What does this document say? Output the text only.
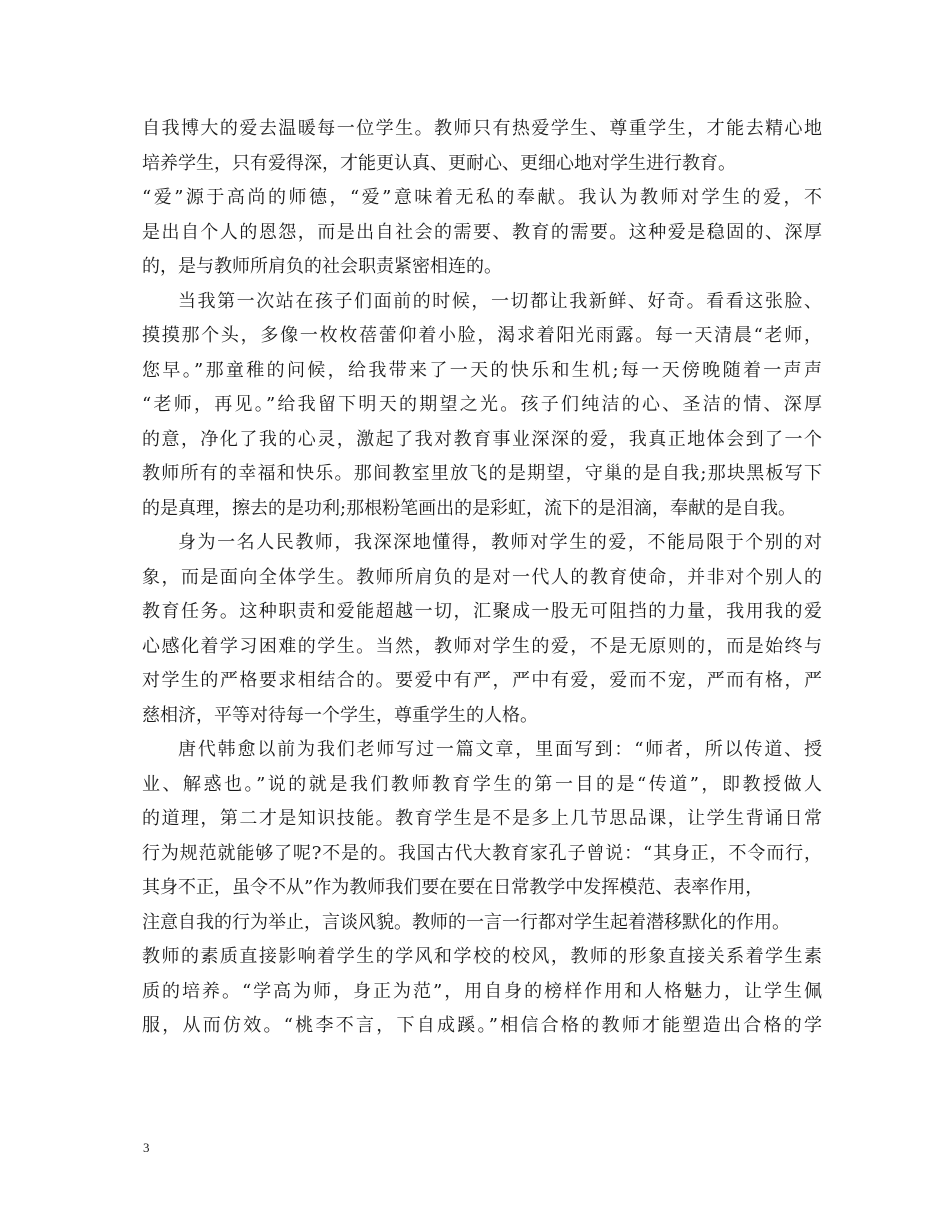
自我博大的爱去温暖每一位学生。教师只有热爱学生、尊重学生，才能去精心地
培养学生，只有爱得深，才能更认真、更耐心、更细心地对学生进行教育。
“爱”源于高尚的师德，“爱”意味着无私的奉献。我认为教师对学生的爱，不
是出自个人的恩怨，而是出自社会的需要、教育的需要。这种爱是稳固的、深厚
的，是与教师所肩负的社会职责紧密相连的。
当我第一次站在孩子们面前的时候，一切都让我新鲜、好奇。看看这张脸、
摸摸那个头，多像一枚枚蓓蕾仰着小脸，渴求着阳光雨露。每一天清晨“老师，
您早。”那童稚的问候，给我带来了一天的快乐和生机;每一天傍晚随着一声声
“老师，再见。”给我留下明天的期望之光。孩子们纯洁的心、圣洁的情、深厚
的意，净化了我的心灵，激起了我对教育事业深深的爱，我真正地体会到了一个
教师所有的幸福和快乐。那间教室里放飞的是期望，守巢的是自我;那块黑板写下
的是真理，擦去的是功利;那根粉笔画出的是彩虹，流下的是泪滴，奉献的是自我。
身为一名人民教师，我深深地懂得，教师对学生的爱，不能局限于个别的对
象，而是面向全体学生。教师所肩负的是对一代人的教育使命，并非对个别人的
教育任务。这种职责和爱能超越一切，汇聚成一股无可阻挡的力量，我用我的爱
心感化着学习困难的学生。当然，教师对学生的爱，不是无原则的，而是始终与
对学生的严格要求相结合的。要爱中有严，严中有爱，爱而不宠，严而有格，严
慈相济，平等对待每一个学生，尊重学生的人格。
唐代韩愈以前为我们老师写过一篇文章，里面写到：“师者，所以传道、授
业、解惑也。”说的就是我们教师教育学生的第一目的是“传道”，即教授做人
的道理，第二才是知识技能。教育学生是不是多上几节思品课，让学生背诵日常
行为规范就能够了呢?不是的。我国古代大教育家孔子曾说：“其身正，不令而行，
其身不正，虽令不从”作为教师我们要在要在日常教学中发挥模范、表率作用，
注意自我的行为举止，言谈风貌。教师的一言一行都对学生起着潜移默化的作用。
教师的素质直接影响着学生的学风和学校的校风，教师的形象直接关系着学生素
质的培养。“学高为师，身正为范”，用自身的榜样作用和人格魅力，让学生佩
服，从而仿效。“桃李不言，下自成蹊。”相信合格的教师才能塑造出合格的学
3
